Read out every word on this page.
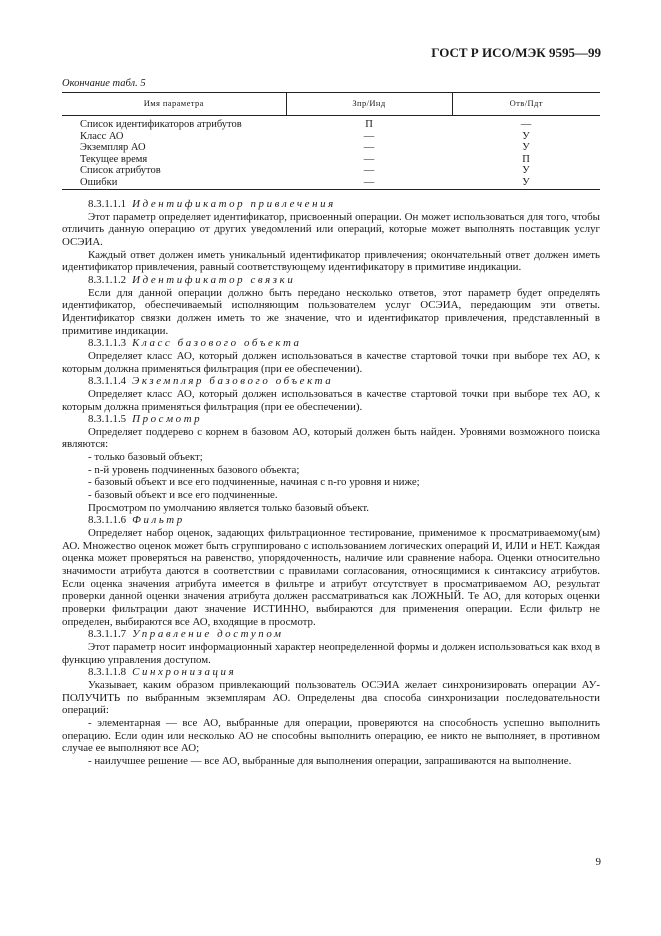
ГОСТ Р ИСО/МЭК 9595—99
Окончание табл. 5
Имя параметра	Зпр/Инд	Отв/Пдт
Список идентификаторов атрибутов	П	—
Класс АО	—	У
Экземпляр АО	—	У
Текущее время	—	П
Список атрибутов	—	У
Ошибки	—	У

8.3.1.1.1 Идентификатор привлечения

Этот параметр определяет идентификатор, присвоенный операции. Он может использоваться для того, чтобы отличить данную операцию от других уведомлений или операций, которые может выполнять поставщик услуг ОСЭИА.

Каждый ответ должен иметь уникальный идентификатор привлечения; окончательный ответ должен иметь идентификатор привлечения, равный соответствующему идентификатору в примитиве индикации.

8.3.1.1.2 Идентификатор связки

Если для данной операции должно быть передано несколько ответов, этот параметр будет определять идентификатор, обеспечиваемый исполняющим пользователем услуг ОСЭИА, передающим эти ответы. Идентификатор связки должен иметь то же значение, что и идентификатор привлечения, представленный в примитиве индикации.

8.3.1.1.3 Класс базового объекта

Определяет класс АО, который должен использоваться в качестве стартовой точки при выборе тех АО, к которым должна применяться фильтрация (при ее обеспечении).

8.3.1.1.4 Экземпляр базового объекта

Определяет класс АО, который должен использоваться в качестве стартовой точки при выборе тех АО, к которым должна применяться фильтрация (при ее обеспечении).

8.3.1.1.5 Просмотр

Определяет поддерево с корнем в базовом АО, который должен быть найден. Уровнями возможного поиска являются:

- только базовый объект;

- n-й уровень подчиненных базового объекта;

- базовый объект и все его подчиненные, начиная с n-го уровня и ниже;

- базовый объект и все его подчиненные.

Просмотром по умолчанию является только базовый объект.

8.3.1.1.6 Фильтр

Определяет набор оценок, задающих фильтрационное тестирование, применимое к просматриваемому(ым) АО. Множество оценок может быть сгруппировано с использованием логических операций И, ИЛИ и НЕТ. Каждая оценка может проверяться на равенство, упорядоченность, наличие или сравнение набора. Оценки относительно значимости атрибута даются в соответствии с правилами согласования, относящимися к синтаксису атрибутов. Если оценка значения атрибута имеется в фильтре и атрибут отсутствует в просматриваемом АО, результат проверки данной оценки значения атрибута должен рассматриваться как ЛОЖНЫЙ. Те АО, для которых оценки проверки фильтрации дают значение ИСТИННО, выбираются для применения операции. Если фильтр не определен, выбираются все АО, входящие в просмотр.

8.3.1.1.7 Управление доступом

Этот параметр носит информационный характер неопределенной формы и должен использоваться как вход в функцию управления доступом.

8.3.1.1.8 Синхронизация

Указывает, каким образом привлекающий пользователь ОСЭИА желает синхронизировать операции АУ-ПОЛУЧИТЬ по выбранным экземплярам АО. Определены два способа синхронизации последовательности операций:

- элементарная — все АО, выбранные для операции, проверяются на способность успешно выполнить операцию. Если один или несколько АО не способны выполнить операцию, ее никто не выполняет, в противном случае ее выполняют все АО;

- наилучшее решение — все АО, выбранные для выполнения операции, запрашиваются на выполнение.

9
